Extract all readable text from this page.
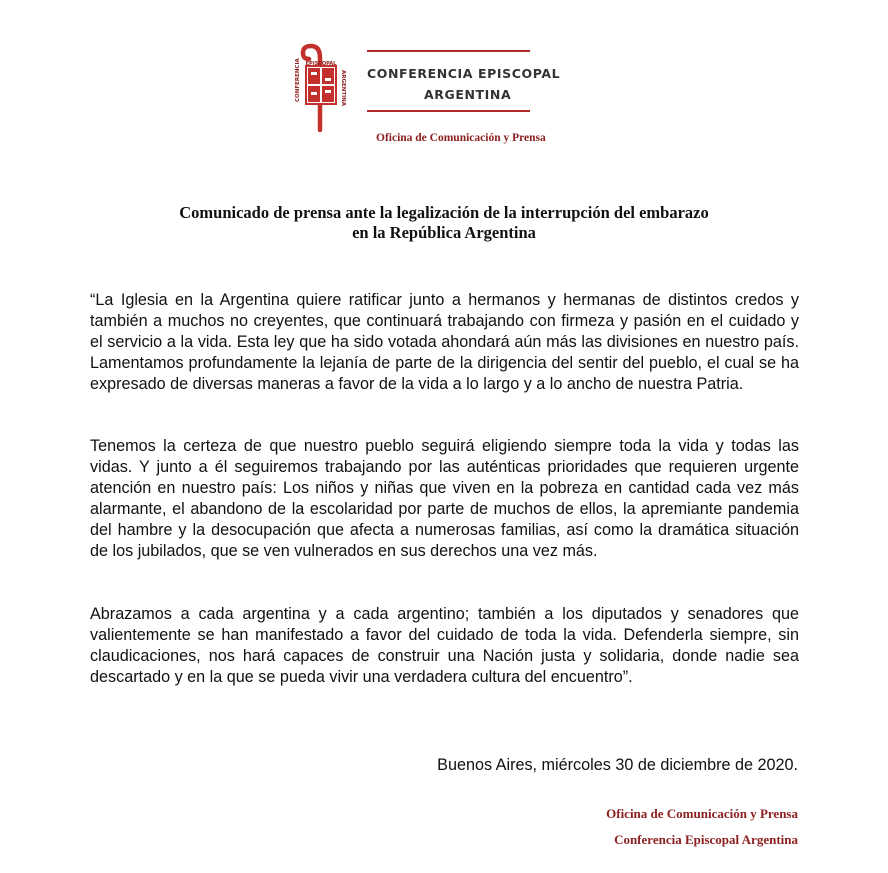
CONFERENCIA	ARGENTINA
EPISCOPAL
CONFERENCIA EPISCOPAL
ARGENTINA
Oficina de Comunicación y Prensa
Comunicado de prensa ante la legalización de la interrupción del embarazo
en la República Argentina

“La Iglesia en la Argentina quiere ratificar junto a hermanos y hermanas de distintos credos y también a muchos no creyentes, que continuará trabajando con firmeza y pasión en el cuidado y el servicio a la vida. Esta ley que ha sido votada ahondará aún más las divisiones en nuestro país. Lamentamos profundamente la lejanía de parte de la dirigencia del sentir del pueblo, el cual se ha expresado de diversas maneras a favor de la vida a lo largo y a lo ancho de nuestra Patria.

Tenemos la certeza de que nuestro pueblo seguirá eligiendo siempre toda la vida y todas las vidas. Y junto a él seguiremos trabajando por las auténticas prioridades que requieren urgente atención en nuestro país: Los niños y niñas que viven en la pobreza en cantidad cada vez más alarmante, el abandono de la escolaridad por parte de muchos de ellos, la apremiante pandemia del hambre y la desocupación que afecta a numerosas familias, así como la dramática situación de los jubilados, que se ven vulnerados en sus derechos una vez más.

Abrazamos a cada argentina y a cada argentino; también a los diputados y senadores que valientemente se han manifestado a favor del cuidado de toda la vida. Defenderla siempre, sin claudicaciones, nos hará capaces de construir una Nación justa y solidaria, donde nadie sea descartado y en la que se pueda vivir una verdadera cultura del encuentro”.

Buenos Aires, miércoles 30 de diciembre de 2020.

Oficina de Comunicación y Prensa

Conferencia Episcopal Argentina
